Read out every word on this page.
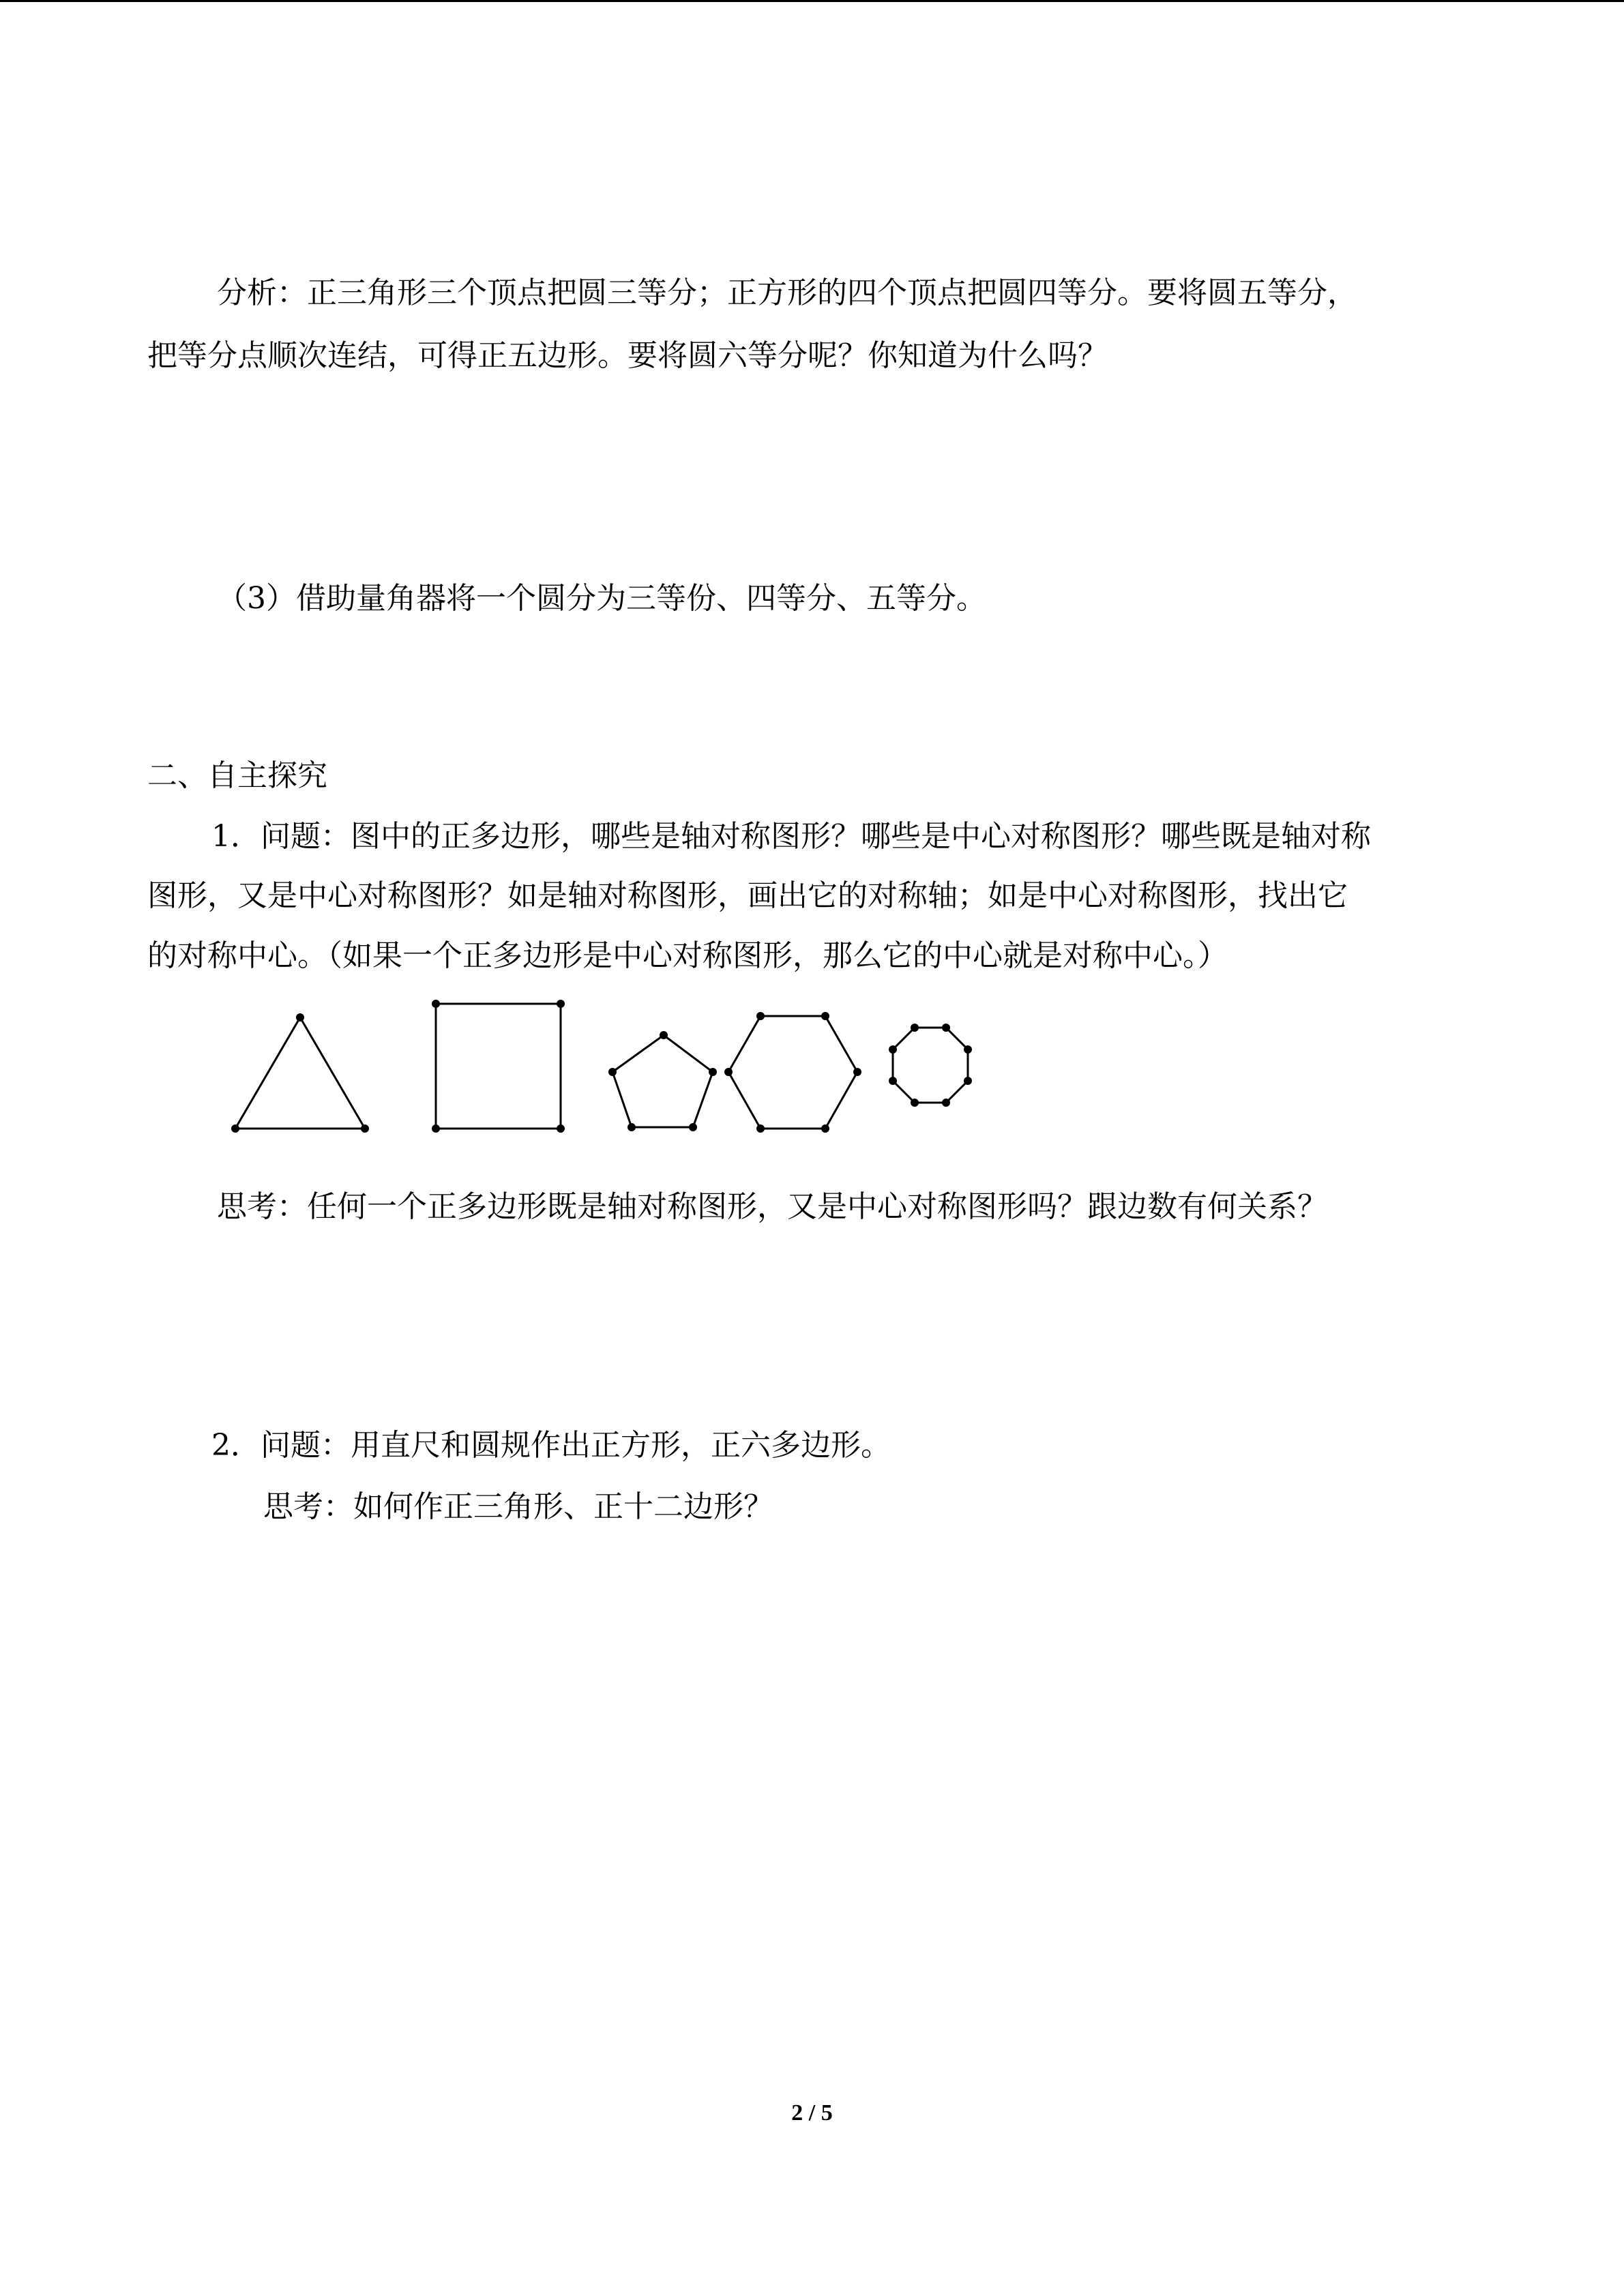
分析：正三角形三个顶点把圆三等分；正方形的四个顶点把圆四等分。要将圆五等分，

把等分点顺次连结，可得正五边形。要将圆六等分呢？你知道为什么吗？

（3）借助量角器将一个圆分为三等份、四等分、五等分。

二、自主探究

1．问题：图中的正多边形，哪些是轴对称图形？哪些是中心对称图形？哪些既是轴对称

图形，又是中心对称图形？如是轴对称图形，画出它的对称轴；如是中心对称图形，找出它

的对称中心。（如果一个正多边形是中心对称图形，那么它的中心就是对称中心。）

思考：任何一个正多边形既是轴对称图形，又是中心对称图形吗？跟边数有何关系？

2．问题：用直尺和圆规作出正方形，正六多边形。

思考：如何作正三角形、正十二边形？

2 / 5
